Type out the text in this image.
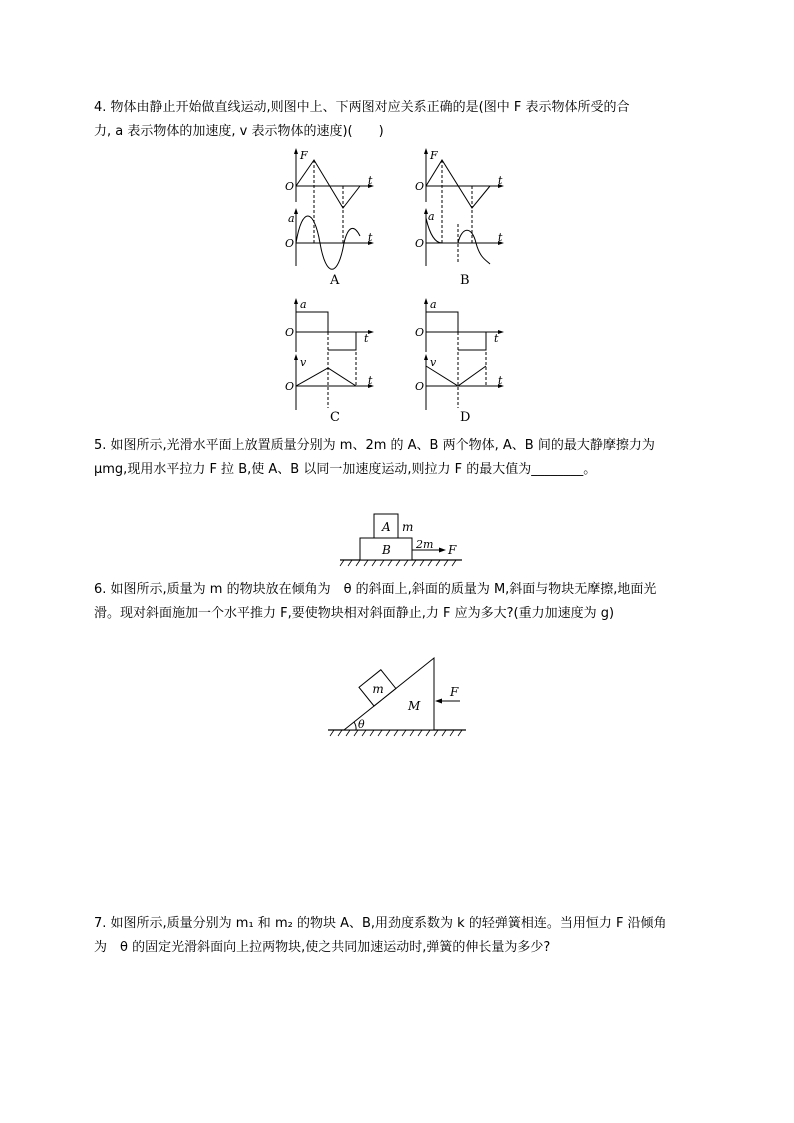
4. 物体由静止开始做直线运动,则图中上、下两图对应关系正确的是(图中 F 表示物体所受的合

力, a 表示物体的加速度, v 表示物体的速度)(　　)

F
O	t
a
O	t
A
F
O	t
a
O	t
B
a
O	t
v
O	t
C
a
O	t
v
O	t
D

5. 如图所示,光滑水平面上放置质量分别为 m、2m 的 A、B 两个物体, A、B 间的最大静摩擦力为

μmg,现用水平拉力 F 拉 B,使 A、B 以同一加速度运动,则拉力 F 的最大值为________。

A m
B 2m F

6. 如图所示,质量为 m 的物块放在倾角为　θ 的斜面上,斜面的质量为 M,斜面与物块无摩擦,地面光

滑。现对斜面施加一个水平推力 F,要使物块相对斜面静止,力 F 应为多大?(重力加速度为 g)

m
M
θ
F

7. 如图所示,质量分别为 m₁ 和 m₂ 的物块 A、B,用劲度系数为 k 的轻弹簧相连。当用恒力 F 沿倾角

为　θ 的固定光滑斜面向上拉两物块,使之共同加速运动时,弹簧的伸长量为多少?
